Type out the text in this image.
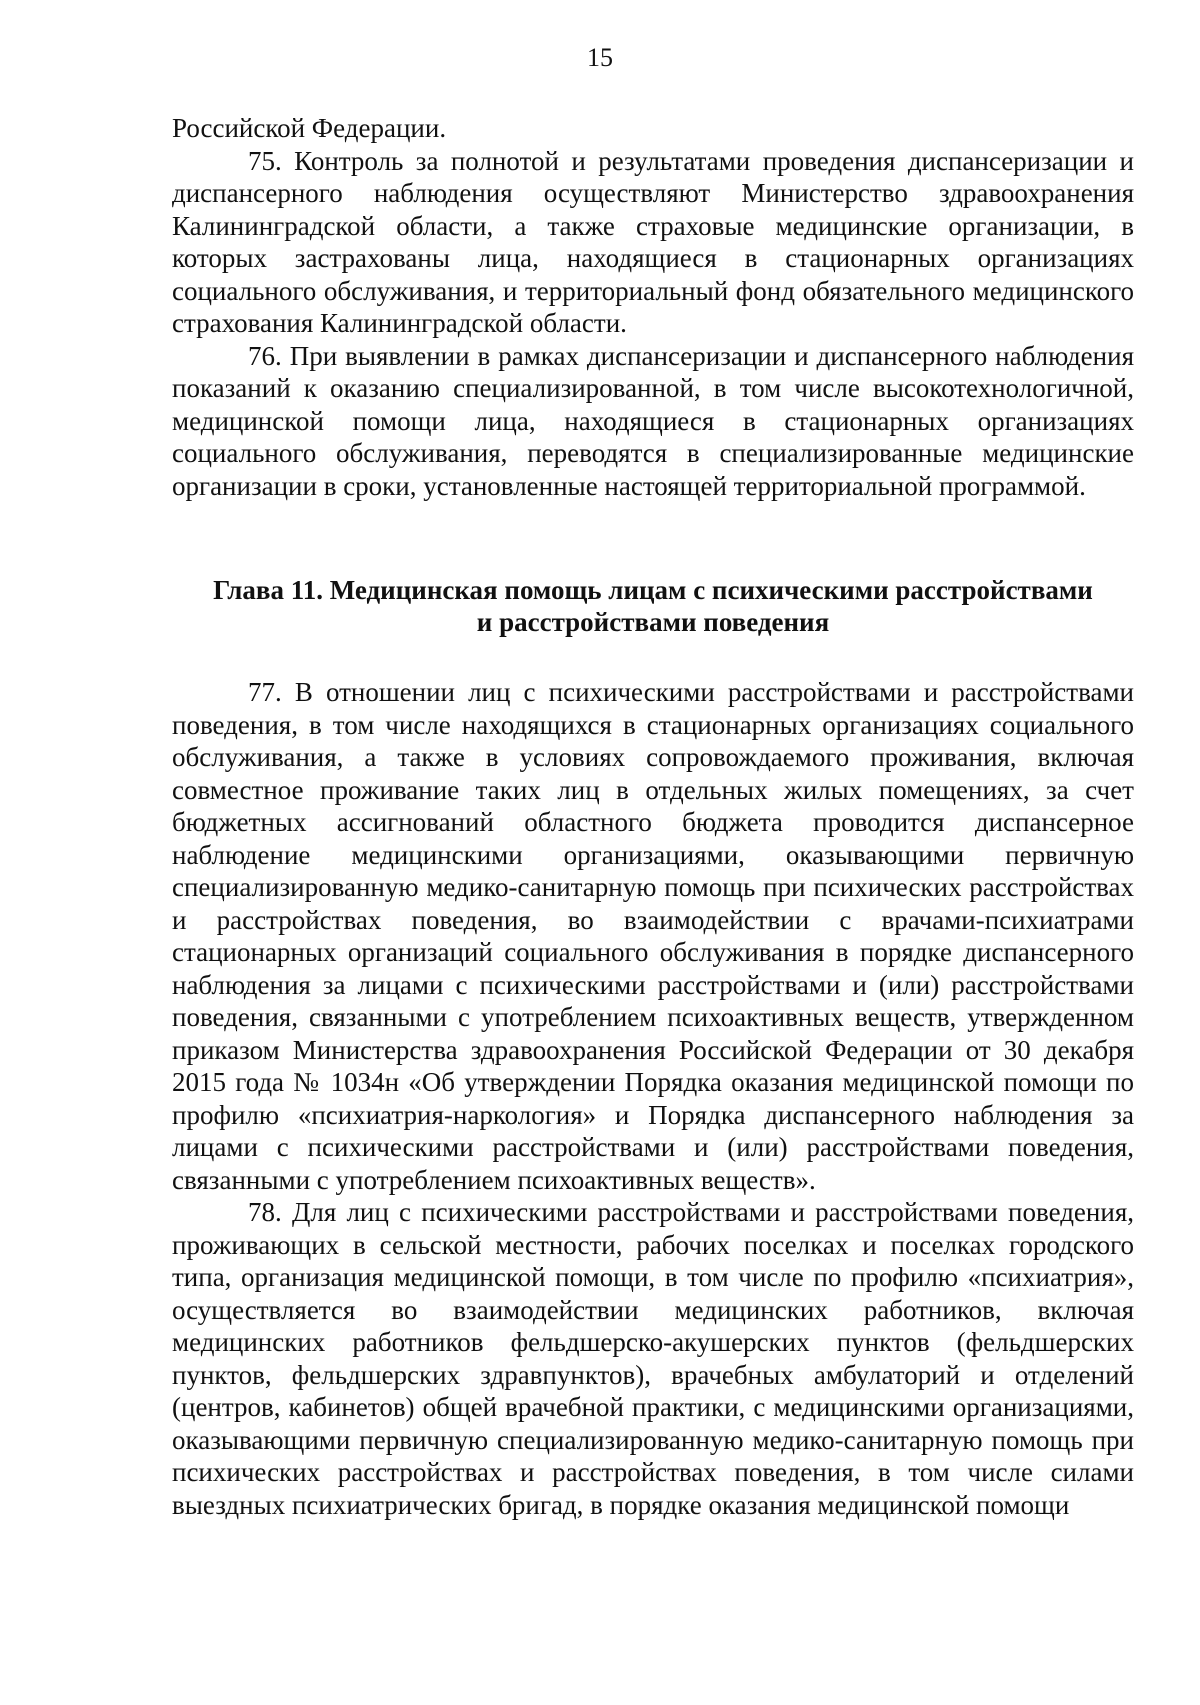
15

Российской Федерации.

75. Контроль за полнотой и результатами проведения диспансеризации и диспансерного наблюдения осуществляют Министерство здравоохранения Калининградской области, а также страховые медицинские организации, в которых застрахованы лица, находящиеся в стационарных организациях социального обслуживания, и территориальный фонд обязательного медицинского страхования Калининградской области.

76. При выявлении в рамках диспансеризации и диспансерного наблюдения показаний к оказанию специализированной, в том числе высокотехнологичной, медицинской помощи лица, находящиеся в стационарных организациях социального обслуживания, переводятся в специализированные медицинские организации в сроки, установленные настоящей территориальной программой.

Глава 11. Медицинская помощь лицам с психическими расстройствами
и расстройствами поведения

77. В отношении лиц с психическими расстройствами и расстройствами поведения, в том числе находящихся в стационарных организациях социального обслуживания, а также в условиях сопровождаемого проживания, включая совместное проживание таких лиц в отдельных жилых помещениях, за счет бюджетных ассигнований областного бюджета проводится диспансерное наблюдение медицинскими организациями, оказывающими первичную специализированную медико-санитарную помощь при психических расстройствах и расстройствах поведения, во взаимодействии с врачами-психиатрами стационарных организаций социального обслуживания в порядке диспансерного наблюдения за лицами с психическими расстройствами и (или) расстройствами поведения, связанными с употреблением психоактивных веществ, утвержденном приказом Министерства здравоохранения Российской Федерации от 30 декабря 2015 года № 1034н «Об утверждении Порядка оказания медицинской помощи по профилю «психиатрия-наркология» и Порядка диспансерного наблюдения за лицами с психическими расстройствами и (или) расстройствами поведения, связанными с употреблением психоактивных веществ».

78. Для лиц с психическими расстройствами и расстройствами поведения, проживающих в сельской местности, рабочих поселках и поселках городского типа, организация медицинской помощи, в том числе по профилю «психиатрия», осуществляется во взаимодействии медицинских работников, включая медицинских работников фельдшерско-акушерских пунктов (фельдшерских пунктов, фельдшерских здравпунктов), врачебных амбулаторий и отделений (центров, кабинетов) общей врачебной практики, с медицинскими организациями, оказывающими первичную специализированную медико-санитарную помощь при психических расстройствах и расстройствах поведения, в том числе силами выездных психиатрических бригад, в порядке оказания медицинской помощи
